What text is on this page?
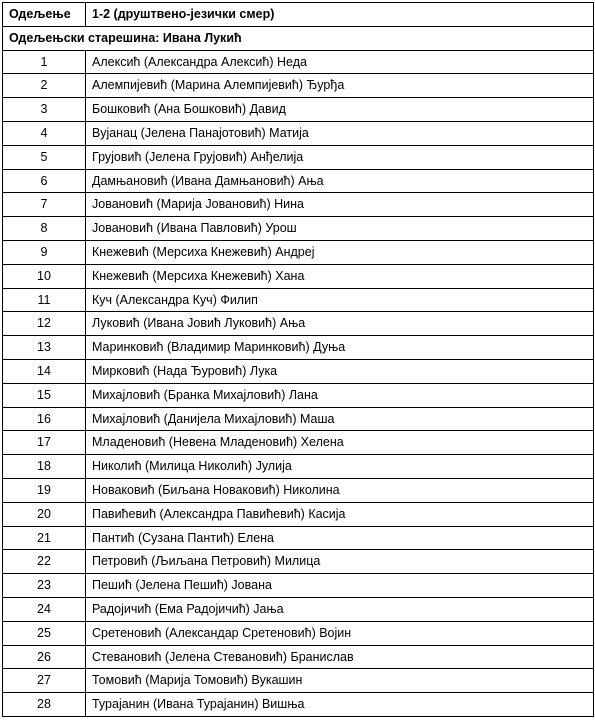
Одељење	1-2 (друштвено-језички смер)
Одељењски старешина: Ивана Лукић	
1	Алексић (Александра Алексић) Неда
2	Алемпијевић (Марина Алемпијевић) Ђурђа
3	Бошковић (Ана Бошковић) Давид
4	Вујанац (Јелена Панајотовић) Матија
5	Грујовић (Јелена Грујовић) Анђелија
6	Дамњановић (Ивана Дамњановић) Ања
7	Јовановић (Марија Јовановић) Нина
8	Јовановић (Ивана Павловић) Урош
9	Кнежевић (Мерсиха Кнежевић) Андреј
10	Кнежевић (Мерсиха Кнежевић) Хана
11	Куч (Александра Куч) Филип
12	Луковић (Ивана Јовић Луковић) Ања
13	Маринковић (Владимир Маринковић) Дуња
14	Мирковић (Нада Ђуровић) Лука
15	Михајловић (Бранка Михајловић) Лана
16	Михајловић (Данијела Михајловић) Маша
17	Младеновић (Невена Младеновић) Хелена
18	Николић (Милица Николић) Јулија
19	Новаковић (Биљана Новаковић) Николина
20	Павићевић (Александра Павићевић) Касија
21	Пантић (Сузана Пантић) Елена
22	Петровић (Љиљана Петровић) Милица
23	Пешић (Јелена Пешић) Јована
24	Радојичић (Ема Радојичић) Јања
25	Сретеновић (Александар Сретеновић) Војин
26	Стевановић (Јелена Стевановић) Бранислав
27	Томовић (Марија Томовић) Вукашин
28	Турајанин (Ивана Турајанин) Вишња
